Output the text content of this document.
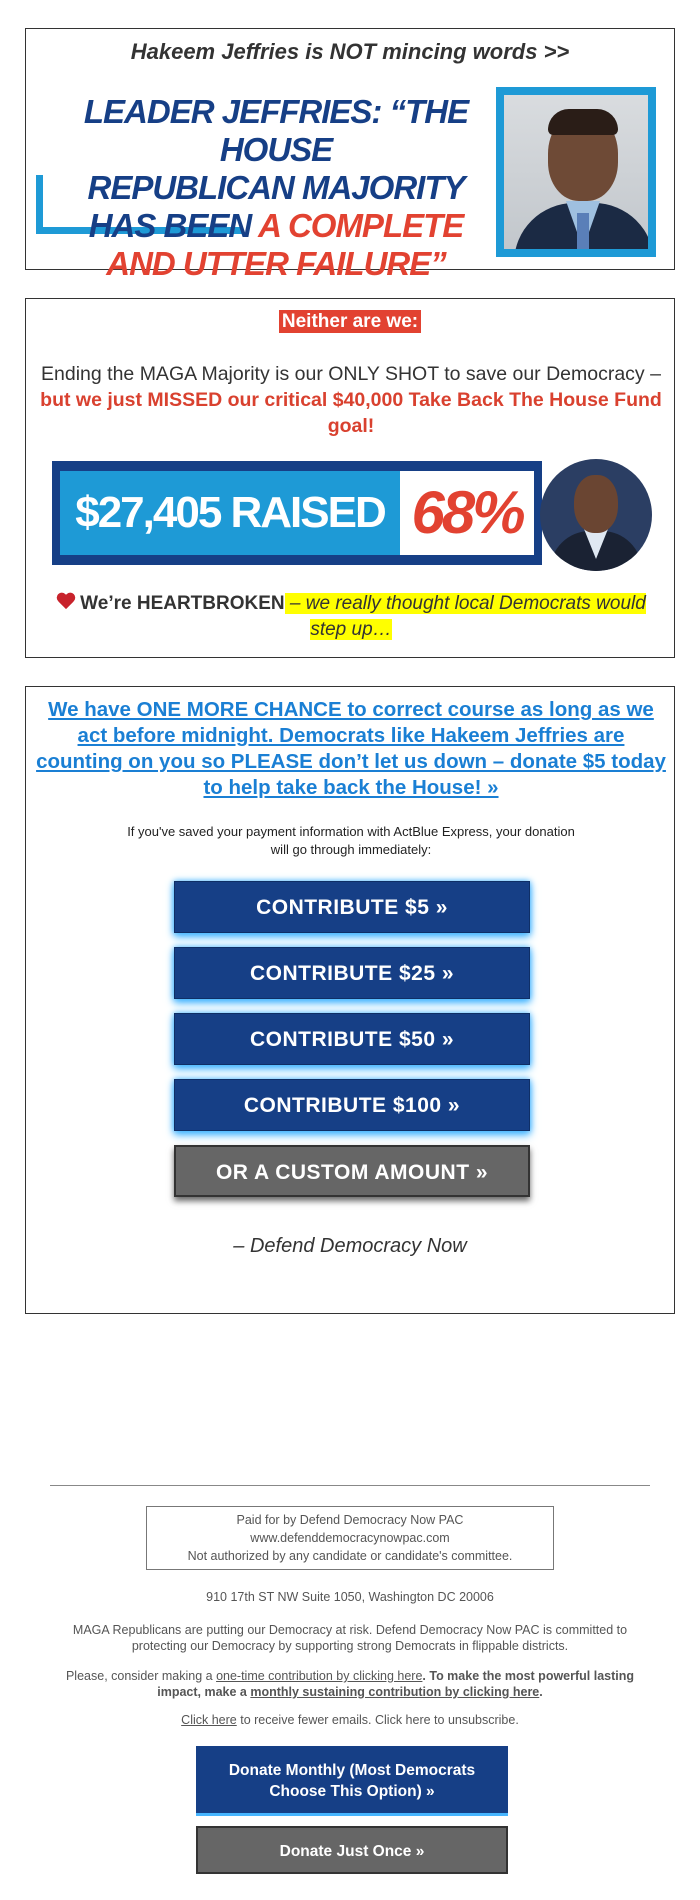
Hakeem Jeffries is NOT mincing words >>
LEADER JEFFRIES: “THE HOUSE
REPUBLICAN MAJORITY
HAS BEEN A COMPLETE
AND UTTER FAILURE”
Neither are we:
Ending the MAGA Majority is our ONLY SHOT to save our Democracy – but we just MISSED our critical $40,000 Take Back The House Fund goal!
$27,405 RAISED 68%
We’re HEARTBROKEN – we really thought local Democrats would step up…
We have ONE MORE CHANCE to correct course as long as we act before midnight. Democrats like Hakeem Jeffries are counting on you so PLEASE don’t let us down – donate $5 today to help take back the House! »
If you've saved your payment information with ActBlue Express, your donation
will go through immediately:
CONTRIBUTE $5 »
CONTRIBUTE $25 »
CONTRIBUTE $50 »
CONTRIBUTE $100 »
OR A CUSTOM AMOUNT »
– Defend Democracy Now
Paid for by Defend Democracy Now PAC
www.defenddemocracynowpac.com
Not authorized by any candidate or candidate's committee.
910 17th ST NW Suite 1050, Washington DC 20006
MAGA Republicans are putting our Democracy at risk. Defend Democracy Now PAC is committed to protecting our Democracy by supporting strong Democrats in flippable districts.
Please, consider making a one-time contribution by clicking here. To make the most powerful lasting impact, make a monthly sustaining contribution by clicking here.
Click here to receive fewer emails. Click here to unsubscribe.
Donate Monthly (Most Democrats
Choose This Option) »
Donate Just Once »
